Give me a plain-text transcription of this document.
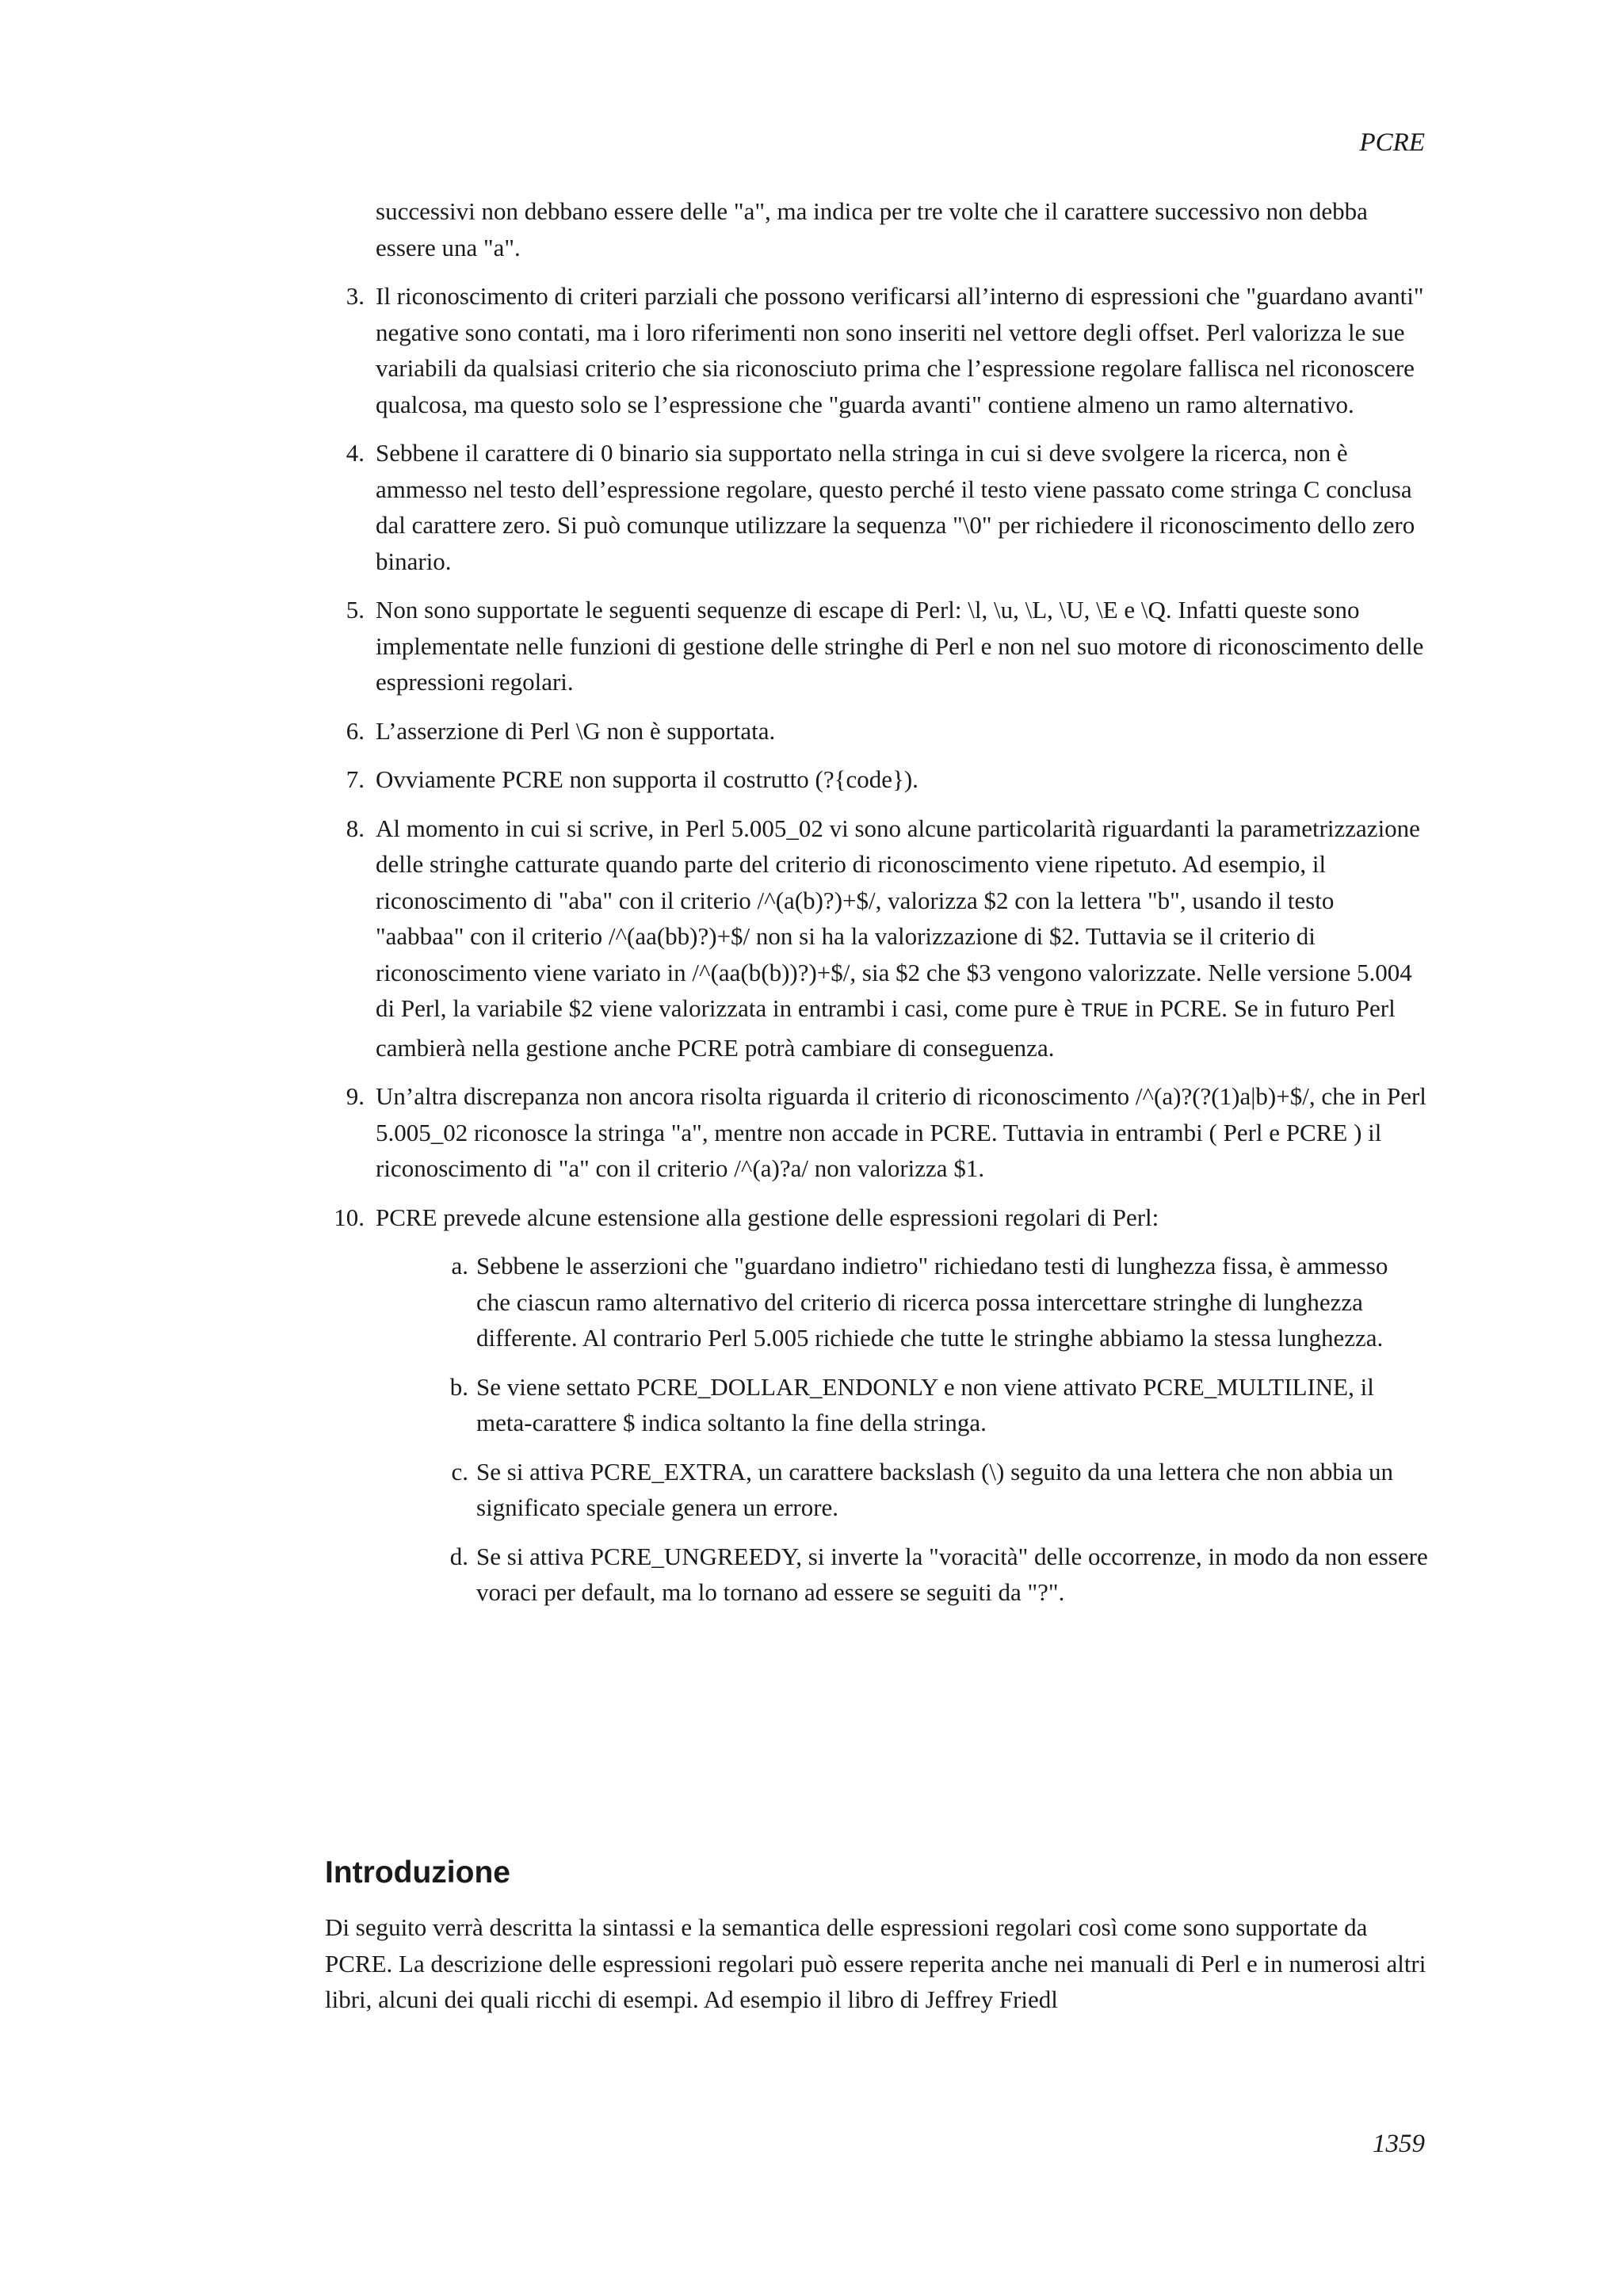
PCRE
successivi non debbano essere delle "a", ma indica per tre volte che il carattere successivo non debba essere una "a".
3. Il riconoscimento di criteri parziali che possono verificarsi all’interno di espressioni che "guardano avanti" negative sono contati, ma i loro riferimenti non sono inseriti nel vettore degli offset. Perl valorizza le sue variabili da qualsiasi criterio che sia riconosciuto prima che l’espressione regolare fallisca nel riconoscere qualcosa, ma questo solo se l’espressione che "guarda avanti" contiene almeno un ramo alternativo.
4. Sebbene il carattere di 0 binario sia supportato nella stringa in cui si deve svolgere la ricerca, non è ammesso nel testo dell’espressione regolare, questo perché il testo viene passato come stringa C conclusa dal carattere zero. Si può comunque utilizzare la sequenza "\0" per richiedere il riconoscimento dello zero binario.
5. Non sono supportate le seguenti sequenze di escape di Perl: \l, \u, \L, \U, \E e \Q. Infatti queste sono implementate nelle funzioni di gestione delle stringhe di Perl e non nel suo motore di riconoscimento delle espressioni regolari.
6. L’asserzione di Perl \G non è supportata.
7. Ovviamente PCRE non supporta il costrutto (?{code}).
8. Al momento in cui si scrive, in Perl 5.005_02 vi sono alcune particolarità riguardanti la parametrizzazione delle stringhe catturate quando parte del criterio di riconoscimento viene ripetuto. Ad esempio, il riconoscimento di "aba" con il criterio /^(a(b)?)+$/, valorizza $2 con la lettera "b", usando il testo "aabbaa" con il criterio /^(aa(bb)?)+$/ non si ha la valorizzazione di $2. Tuttavia se il criterio di riconoscimento viene variato in /^(aa(b(b))?)+$/, sia $2 che $3 vengono valorizzate. Nelle versione 5.004 di Perl, la variabile $2 viene valorizzata in entrambi i casi, come pure è TRUE in PCRE. Se in futuro Perl cambierà nella gestione anche PCRE potrà cambiare di conseguenza.
9. Un’altra discrepanza non ancora risolta riguarda il criterio di riconoscimento /^(a)?(?(1)a|b)+$/, che in Perl 5.005_02 riconosce la stringa "a", mentre non accade in PCRE. Tuttavia in entrambi ( Perl e PCRE ) il riconoscimento di "a" con il criterio /^(a)?a/ non valorizza $1.
10. PCRE prevede alcune estensione alla gestione delle espressioni regolari di Perl:
a. Sebbene le asserzioni che "guardano indietro" richiedano testi di lunghezza fissa, è ammesso che ciascun ramo alternativo del criterio di ricerca possa intercettare stringhe di lunghezza differente. Al contrario Perl 5.005 richiede che tutte le stringhe abbiamo la stessa lunghezza.
b. Se viene settato PCRE_DOLLAR_ENDONLY e non viene attivato PCRE_MULTILINE, il meta-carattere $ indica soltanto la fine della stringa.
c. Se si attiva PCRE_EXTRA, un carattere backslash (\) seguito da una lettera che non abbia un significato speciale genera un errore.
d. Se si attiva PCRE_UNGREEDY, si inverte la "voracità" delle occorrenze, in modo da non essere voraci per default, ma lo tornano ad essere se seguiti da "?".
Introduzione

Di seguito verrà descritta la sintassi e la semantica delle espressioni regolari così come sono supportate da PCRE. La descrizione delle espressioni regolari può essere reperita anche nei manuali di Perl e in numerosi altri libri, alcuni dei quali ricchi di esempi. Ad esempio il libro di Jeffrey Friedl

1359
